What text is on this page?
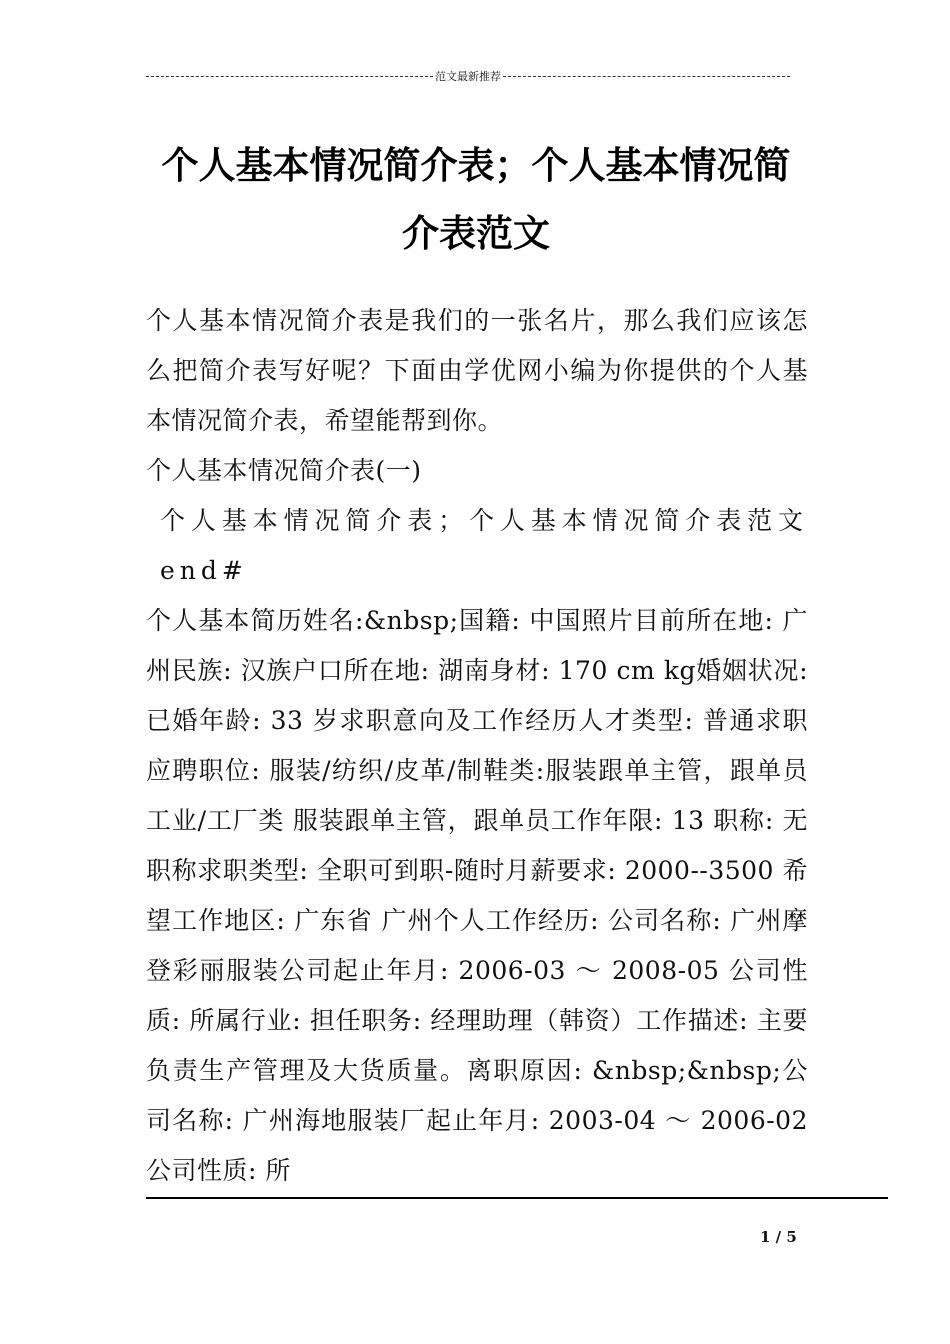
范文最新推荐
个人基本情况简介表；个人基本情况简介表范文

个人基本情况简介表是我们的一张名片，那么我们应该怎么把简介表写好呢？下面由学优网小编为你提供的个人基本情况简介表，希望能帮到你。

个人基本情况简介表(一)

个人基本情况简介表；个人基本情况简介表范文end#

个人基本简历姓名:&nbsp;国籍: 中国照片目前所在地: 广州民族: 汉族户口所在地: 湖南身材: 170 cm kg婚姻状况: 已婚年龄: 33 岁求职意向及工作经历人才类型: 普通求职应聘职位: 服装/纺织/皮革/制鞋类:服装跟单主管，跟单员 工业/工厂类 服装跟单主管，跟单员工作年限: 13 职称: 无职称求职类型: 全职可到职-随时月薪要求: 2000--3500 希望工作地区: 广东省 广州个人工作经历: 公司名称: 广州摩登彩丽服装公司起止年月: 2006-03 ～ 2008-05 公司性质: 所属行业: 担任职务: 经理助理（韩资）工作描述: 主要负责生产管理及大货质量。离职原因: &nbsp;&nbsp;公司名称: 广州海地服装厂起止年月: 2003-04 ～ 2006-02 公司性质: 所

1 / 5
